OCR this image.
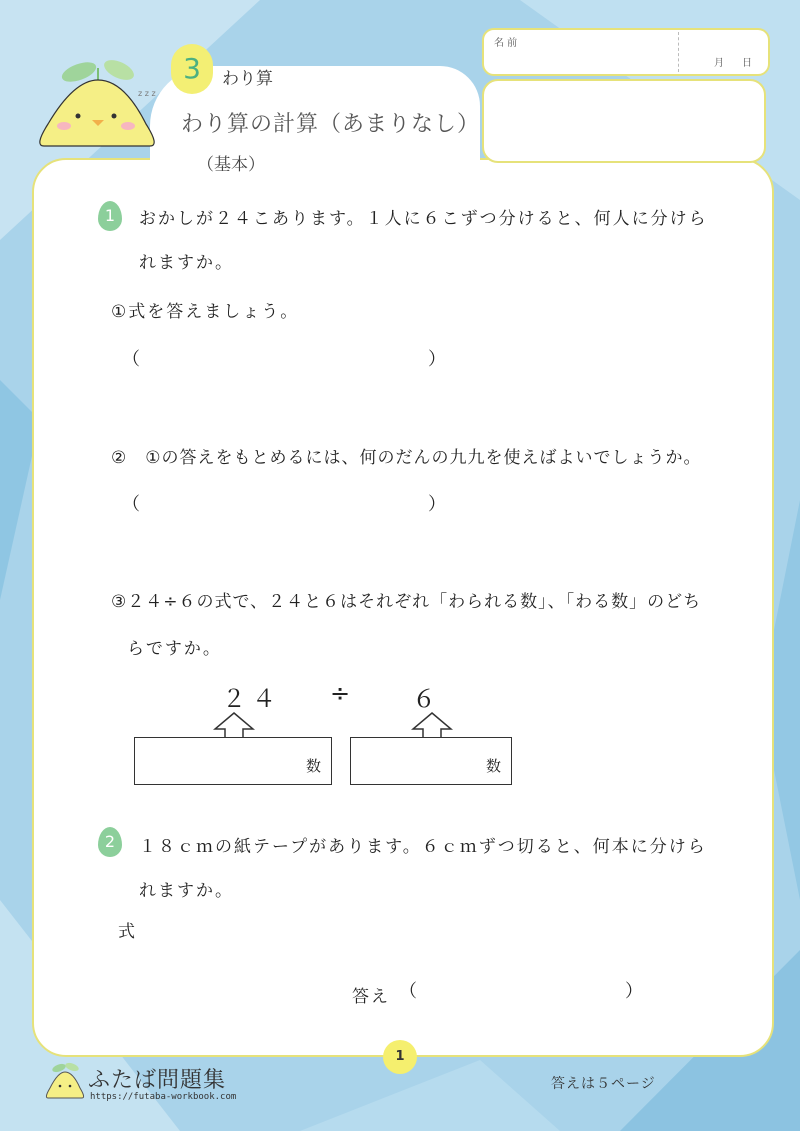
z z z
名 前
月 日
3	わり算
わり算の計算（あまりなし）
（基本）
1	おかしが２４こあります。１人に６こずつ分けると、何人に分けら
れますか。
①式を答えましょう。
（	）
②　①の答えをもとめるには、何のだんの九九を使えばよいでしょうか。
（	）
③２４÷６の式で、２４と６はそれぞれ「わられる数」、「わる数」のどち
らですか。
２４ ÷ ６
数	数
2	１８ｃｍの紙テープがあります。６ｃｍずつ切ると、何本に分けら
れますか。
式
答え （	）
1
ふたば問題集
https://futaba-workbook.com
答えは５ページ
